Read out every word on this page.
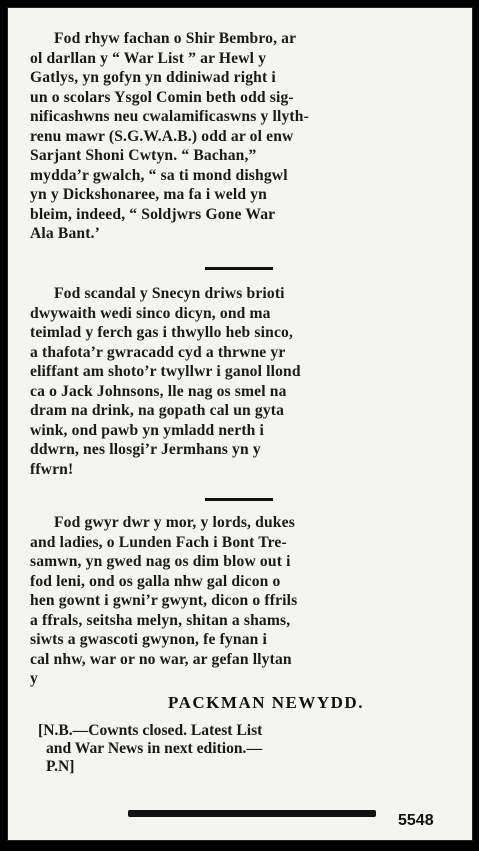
Fod rhyw fachan o Shir Bembro, ar
ol darllan y “ War List ” ar Hewl y
Gatlys, yn gofyn yn ddiniwad right i
un o scolars Ysgol Comin beth odd sig-
nificashwns neu cwalamificaswns y llyth-
renu mawr (S.G.W.A.B.) odd ar ol enw
Sarjant Shoni Cwtyn. “ Bachan,”
mydda’r gwalch, “ sa ti mond dishgwl
yn y Dickshonaree, ma fa i weld yn
bleim, indeed, “ Soldjwrs Gone War
Ala Bant.’
Fod scandal y Snecyn driws brioti
dwywaith wedi sinco dicyn, ond ma
teimlad y ferch gas i thwyllo heb sinco,
a thafota’r gwracadd cyd a thrwne yr
eliffant am shoto’r twyllwr i ganol llond
ca o Jack Johnsons, lle nag os smel na
dram na drink, na gopath cal un gyta
wink, ond pawb yn ymladd nerth i
ddwrn, nes llosgi’r Jermhans yn y
ffwrn!
Fod gwyr dwr y mor, y lords, dukes
and ladies, o Lunden Fach i Bont Tre-
samwn, yn gwed nag os dim blow out i
fod leni, ond os galla nhw gal dicon o
hen gownt i gwni’r gwynt, dicon o ffrils
a ffrals, seitsha melyn, shitan a shams,
siwts a gwascoti gwynon, fe fynan i
cal nhw, war or no war, ar gefan llytan
y
PACKMAN NEWYDD.
[N.B.—Cownts closed. Latest List
and War News in next edition.—
P.N]
5548
